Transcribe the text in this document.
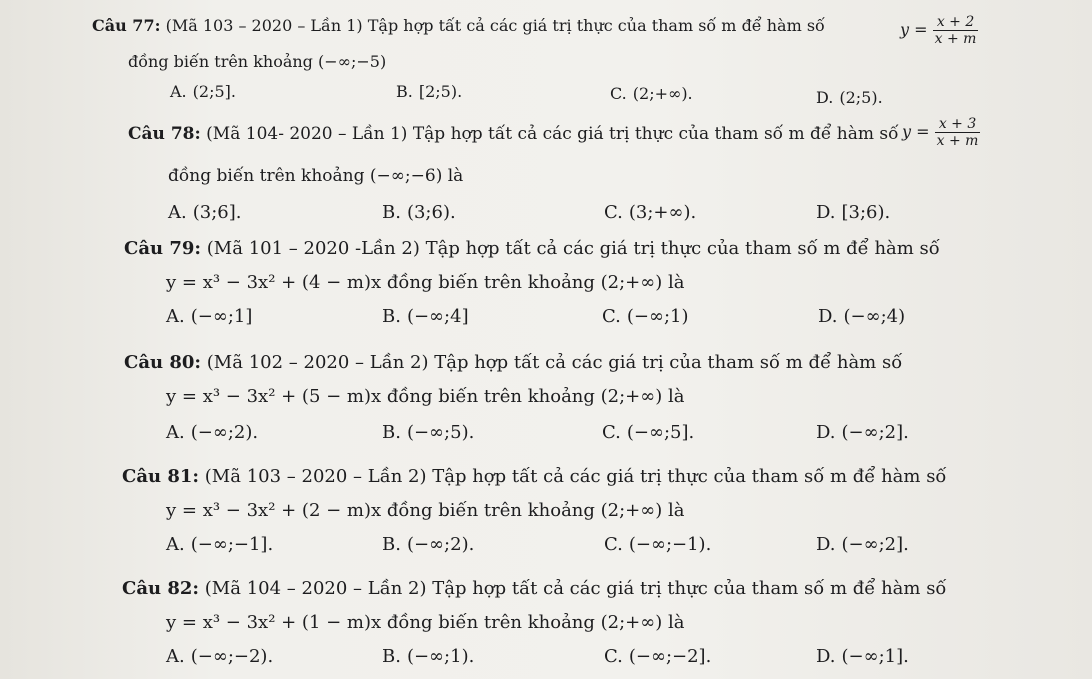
Câu 77: (Mã 103 – 2020 – Lần 1) Tập hợp tất cả các giá trị thực của tham số m để hàm số	$y = \frac{x + 2}{x + m}$
đồng biến trên khoảng (−∞;−5)
A. (2;5].	B. [2;5).	C. (2;+∞).	D. (2;5).
Câu 78: (Mã 104- 2020 – Lần 1) Tập hợp tất cả các giá trị thực của tham số m để hàm số $y = \frac{x + 3}{x + m}$
đồng biến trên khoảng (−∞;−6) là
A. (3;6].	B. (3;6).	C. (3;+∞).	D. [3;6).
Câu 79: (Mã 101 – 2020 -Lần 2) Tập hợp tất cả các giá trị thực của tham số m để hàm số
y = x³ − 3x² + (4 − m)x đồng biến trên khoảng (2;+∞) là
A. (−∞;1]	B. (−∞;4]	C. (−∞;1)	D. (−∞;4)
Câu 80: (Mã 102 – 2020 – Lần 2) Tập hợp tất cả các giá trị của tham số m để hàm số
y = x³ − 3x² + (5 − m)x đồng biến trên khoảng (2;+∞) là
A. (−∞;2).	B. (−∞;5).	C. (−∞;5].	D. (−∞;2].
Câu 81: (Mã 103 – 2020 – Lần 2) Tập hợp tất cả các giá trị thực của tham số m để hàm số
y = x³ − 3x² + (2 − m)x đồng biến trên khoảng (2;+∞) là
A. (−∞;−1].	B. (−∞;2).	C. (−∞;−1).	D. (−∞;2].
Câu 82: (Mã 104 – 2020 – Lần 2) Tập hợp tất cả các giá trị thực của tham số m để hàm số
y = x³ − 3x² + (1 − m)x đồng biến trên khoảng (2;+∞) là
A. (−∞;−2).	B. (−∞;1).	C. (−∞;−2].	D. (−∞;1].
